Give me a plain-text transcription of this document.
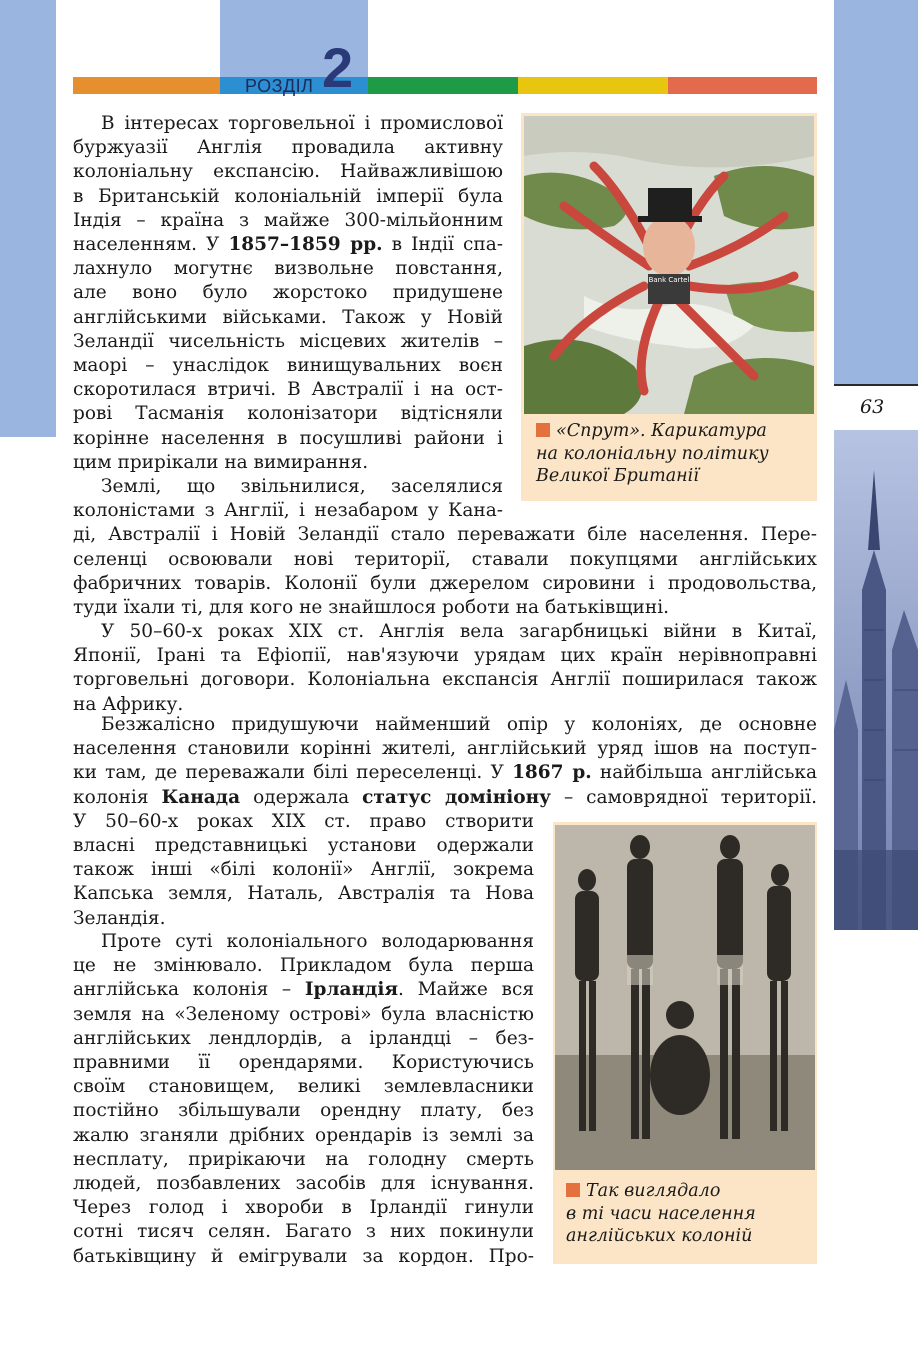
РОЗДІЛ 2
63
Bank Cartel
«Спрут». Карикатура
на колоніальну політику
Великої Британії
Так виглядало
в ті часи населення
англійських колоній
В інтересах торговельної і промислової
буржуазії Англія провадила активну
колоніальну експансію. Найважливішою
в Британській колоніальній імперії була
Індія – країна з майже 300-мільйонним
населенням. У 1857–1859 рр. в Індії спа-
лахнуло могутнє визвольне повстання,
але воно було жорстоко придушене
англійськими військами. Також у Новій
Зеландії чисельність місцевих жителів –
маорі – унаслідок винищувальних воєн
скоротилася втричі. В Австралії і на ост-
рові Тасманія колонізатори відтісняли
корінне населення в посушливі райони і
цим прирікали на вимирання.
Землі, що звільнилися, заселялися
колоністами з Англії, і незабаром у Кана-
ді, Австралії і Новій Зеландії стало переважати біле населення. Пере-
селенці освоювали нові території, ставали покупцями англійських
фабричних товарів. Колонії були джерелом сировини і продовольства,
туди їхали ті, для кого не знайшлося роботи на батьківщині.
У 50–60-х роках XIX ст. Англія вела загарбницькі війни в Китаї,
Японії, Ірані та Ефіопії, нав'язуючи урядам цих країн нерівноправні
торговельні договори. Колоніальна експансія Англії поширилася також
на Африку.
Безжалісно придушуючи найменший опір у колоніях, де основне
населення становили корінні жителі, англійський уряд ішов на поступ-
ки там, де переважали білі переселенці. У 1867 р. найбільша англійська
колонія Канада одержала статус домініону – самоврядної території.
У 50–60-х роках XIX ст. право створити
власні представницькі установи одержали
також інші «білі колонії» Англії, зокрема
Капська земля, Наталь, Австралія та Нова
Зеландія.
Проте суті колоніального володарювання
це не змінювало. Прикладом була перша
англійська колонія – Ірландія. Майже вся
земля на «Зеленому острові» була власністю
англійських лендлордів, а ірландці – без-
правними її орендарями. Користуючись
своїм становищем, великі землевласники
постійно збільшували орендну плату, без
жалю зганяли дрібних орендарів із землі за
несплату, прирікаючи на голодну смерть
людей, позбавлених засобів для існування.
Через голод і хвороби в Ірландії гинули
сотні тисяч селян. Багато з них покинули
батьківщину й емігрували за кордон. Про-
